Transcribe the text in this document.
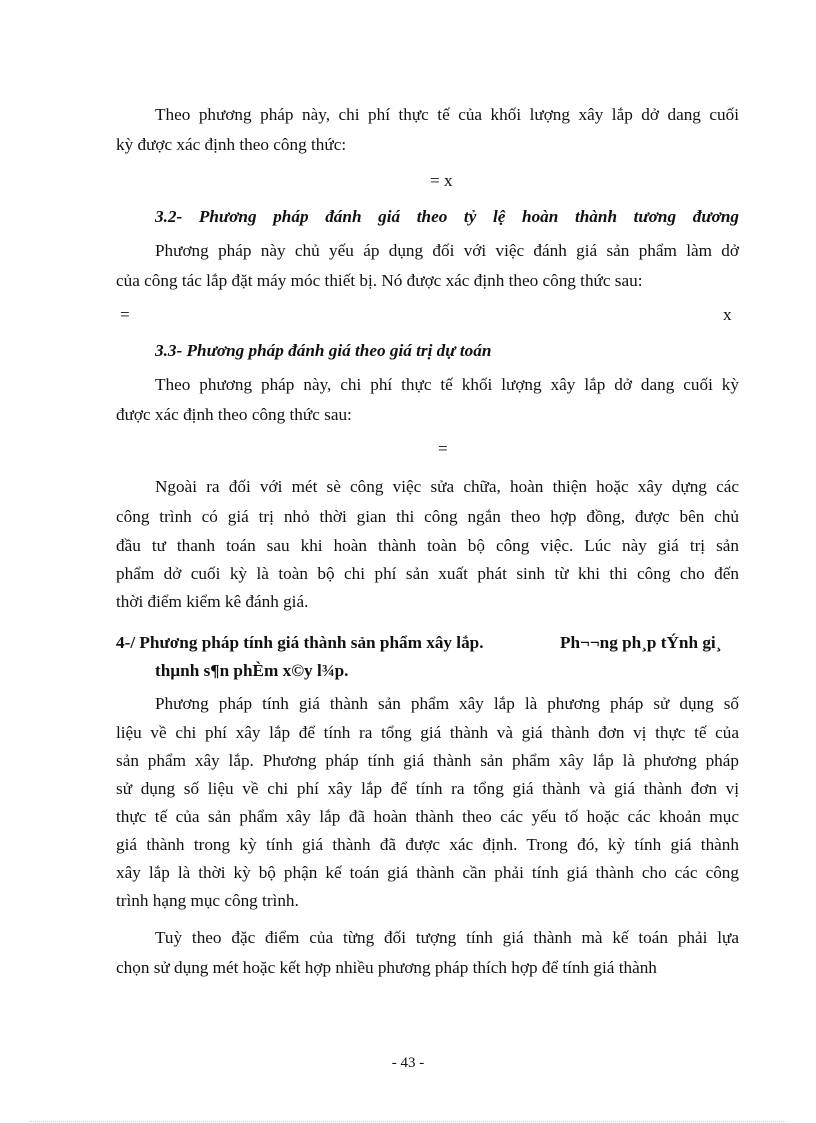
Theo phương pháp này, chi phí thực tế của khối lượng xây lắp dở dang cuối
kỳ được xác định theo công thức:
= x
3.2- Phương pháp đánh giá theo tỷ lệ hoàn thành tương đương
Phương pháp này chủ yếu áp dụng đối với việc đánh giá sản phẩm làm dở
của công tác lắp đặt máy móc thiết bị. Nó được xác định theo công thức sau:
=	x
3.3- Phương pháp đánh giá theo giá trị dự toán
Theo phương pháp này, chi phí thực tế khối lượng xây lắp dở dang cuối kỳ
được xác định theo công thức sau:
=
Ngoài ra đối với mét sè công việc sửa chữa, hoàn thiện hoặc xây dựng các
công trình có giá trị nhỏ thời gian thi công ngắn theo hợp đồng, được bên chủ
đầu tư thanh toán sau khi hoàn thành toàn bộ công việc. Lúc này giá trị sản
phẩm dở cuối kỳ là toàn bộ chi phí sản xuất phát sinh từ khi thi công cho đến
thời điểm kiểm kê đánh giá.
4-/ Phương pháp tính giá thành sản phẩm xây lắp.	Ph¬¬ng ph¸p tÝnh gi¸
thµnh s¶n phÈm x©y l¾p.
Phương pháp tính giá thành sản phẩm xây lắp là phương pháp sử dụng số
liệu về chi phí xây lắp để tính ra tổng giá thành và giá thành đơn vị thực tế của
sản phẩm xây lắp. Phương pháp tính giá thành sản phẩm xây lắp là phương pháp
sử dụng số liệu về chi phí xây lắp để tính ra tổng giá thành và giá thành đơn vị
thực tế của sản phẩm xây lắp đã hoàn thành theo các yếu tố hoặc các khoản mục
giá thành trong kỳ tính giá thành đã được xác định. Trong đó, kỳ tính giá thành
xây lắp là thời kỳ bộ phận kế toán giá thành cần phải tính giá thành cho các công
trình hạng mục công trình.
Tuỳ theo đặc điểm của từng đối tượng tính giá thành mà kế toán phải lựa
chọn sử dụng mét hoặc kết hợp nhiều phương pháp thích hợp để tính giá thành
- 43 -
